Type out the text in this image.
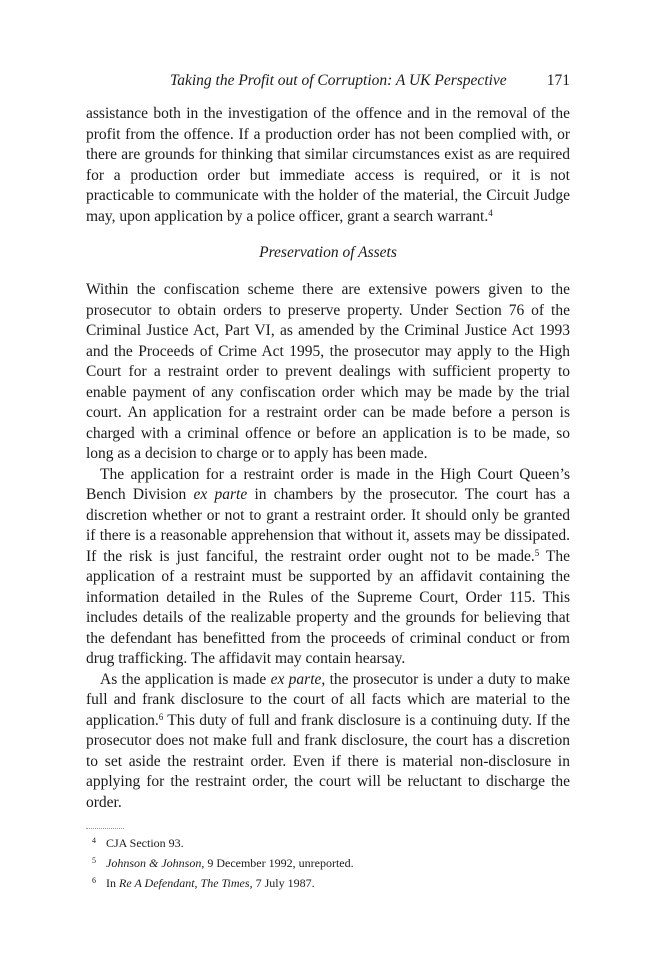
Taking the Profit out of Corruption: A UK Perspective	171

assistance both in the investigation of the offence and in the removal of the profit from the offence. If a production order has not been complied with, or there are grounds for thinking that similar circumstances exist as are required for a production order but immediate access is required, or it is not practicable to communicate with the holder of the material, the Circuit Judge may, upon application by a police officer, grant a search warrant.$^4$

Preservation of Assets

Within the confiscation scheme there are extensive powers given to the prosecutor to obtain orders to preserve property. Under Section 76 of the Criminal Justice Act, Part VI, as amended by the Criminal Justice Act 1993 and the Proceeds of Crime Act 1995, the prosecutor may apply to the High Court for a restraint order to prevent dealings with sufficient property to enable payment of any confiscation order which may be made by the trial court. An application for a restraint order can be made before a person is charged with a criminal offence or before an application is to be made, so long as a decision to charge or to apply has been made.

The application for a restraint order is made in the High Court Queen’s Bench Division ex parte in chambers by the prosecutor. The court has a discretion whether or not to grant a restraint order. It should only be granted if there is a reasonable apprehension that without it, assets may be dissipated. If the risk is just fanciful, the restraint order ought not to be made.$^5$ The application of a restraint must be supported by an affidavit containing the information detailed in the Rules of the Supreme Court, Order 115. This includes details of the realizable property and the grounds for believing that the defendant has benefitted from the proceeds of criminal conduct or from drug trafficking. The affidavit may contain hearsay.

As the application is made ex parte, the prosecutor is under a duty to make full and frank disclosure to the court of all facts which are material to the application.$^6$ This duty of full and frank disclosure is a continuing duty. If the prosecutor does not make full and frank disclosure, the court has a discretion to set aside the restraint order. Even if there is material non-disclosure in applying for the restraint order, the court will be reluctant to discharge the order.

4 CJA Section 93.
5 Johnson & Johnson, 9 December 1992, unreported.
6 In Re A Defendant, The Times, 7 July 1987.
